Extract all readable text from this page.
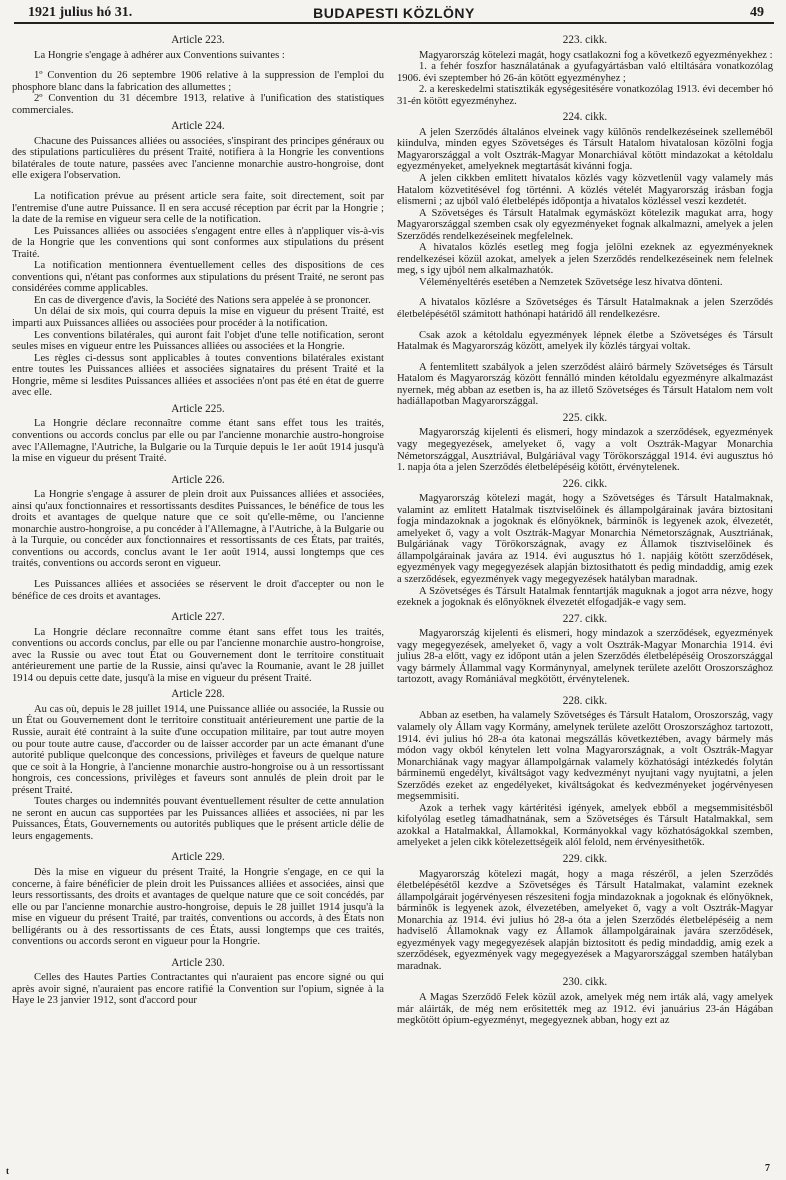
1921 julius hó 31.	BUDAPESTI KÖZLÖNY	49
Article 223.

La Hongrie s'engage à adhérer aux Conventions suivantes :

1º Convention du 26 septembre 1906 relative à la suppression de l'emploi du phosphore blanc dans la fabrication des allumettes ;

2º Convention du 31 décembre 1913, relative à l'unification des statistiques commerciales.

Article 224.

Chacune des Puissances alliées ou associées, s'inspirant des principes généraux ou des stipulations particulières du présent Traité, notifiera à la Hongrie les conventions bilatérales de toute nature, passées avec l'ancienne monarchie austro-hongroise, dont elle exigera l'observation.

La notification prévue au présent article sera faite, soit directement, soit par l'entremise d'une autre Puissance. Il en sera accusé réception par écrit par la Hongrie ; la date de la remise en vigueur sera celle de la notification.

Les Puissances alliées ou associées s'engagent entre elles à n'appliquer vis-à-vis de la Hongrie que les conventions qui sont conformes aux stipulations du présent Traité.

La notification mentionnera éventuellement celles des dispositions de ces conventions qui, n'étant pas conformes aux stipulations du présent Traité, ne seront pas considérées comme applicables.

En cas de divergence d'avis, la Société des Nations sera appelée à se prononcer.

Un délai de six mois, qui courra depuis la mise en vigueur du présent Traité, est imparti aux Puissances alliées ou associées pour procéder à la notification.

Les conventions bilatérales, qui auront fait l'objet d'une telle notification, seront seules mises en vigueur entre les Puissances alliées ou associées et la Hongrie.

Les règles ci-dessus sont applicables à toutes conventions bilatérales existant entre toutes les Puissances alliées et associées signataires du présent Traité et la Hongrie, même si lesdites Puissances alliées et associées n'ont pas été en état de guerre avec elle.

Article 225.

La Hongrie déclare reconnaître comme étant sans effet tous les traités, conventions ou accords conclus par elle ou par l'ancienne monarchie austro-hongroise avec l'Allemagne, l'Autriche, la Bulgarie ou la Turquie depuis le 1er août 1914 jusqu'à la mise en vigueur du présent Traité.

Article 226.

La Hongrie s'engage à assurer de plein droit aux Puissances alliées et associées, ainsi qu'aux fonctionnaires et ressortissants desdites Puissances, le bénéfice de tous les droits et avantages de quelque nature que ce soit qu'elle-même, ou l'ancienne monarchie austro-hongroise, a pu concéder à l'Allemagne, à l'Autriche, à la Bulgarie ou à la Turquie, ou concéder aux fonctionnaires et ressortissants de ces États, par traités, conventions ou accords, conclus avant le 1er août 1914, aussi longtemps que ces traités, conventions ou accords seront en vigueur.

Les Puissances alliées et associées se réservent le droit d'accepter ou non le bénéfice de ces droits et avantages.

Article 227.

La Hongrie déclare reconnaître comme étant sans effet tous les traités, conventions ou accords conclus, par elle ou par l'ancienne monarchie austro-hongroise, avec la Russie ou avec tout État ou Gouvernement dont le territoire constituait antérieurement une partie de la Russie, ainsi qu'avec la Roumanie, avant le 28 juillet 1914 ou depuis cette date, jusqu'à la mise en vigueur du présent Traité.

Article 228.

Au cas où, depuis le 28 juillet 1914, une Puissance alliée ou associée, la Russie ou un État ou Gouvernement dont le territoire constituait antérieurement une partie de la Russie, aurait été contraint à la suite d'une occupation militaire, par tout autre moyen ou pour toute autre cause, d'accorder ou de laisser accorder par un acte émanant d'une autorité publique quelconque des concessions, privilèges et faveurs de quelque nature que ce soit à la Hongrie, à l'ancienne monarchie austro-hongroise ou à un ressortissant hongrois, ces concessions, privilèges et faveurs sont annulés de plein droit par le présent Traité.

Toutes charges ou indemnités pouvant éventuellement résulter de cette annulation ne seront en aucun cas supportées par les Puissances alliées et associées, ni par les Puissances, États, Gouvernements ou autorités publiques que le présent article délie de leurs engagements.

Article 229.

Dès la mise en vigueur du présent Traité, la Hongrie s'engage, en ce qui la concerne, à faire bénéficier de plein droit les Puissances alliées et associées, ainsi que leurs ressortissants, des droits et avantages de quelque nature que ce soit concédés, par elle ou par l'ancienne monarchie austro-hongroise, depuis le 28 juillet 1914 jusqu'à la mise en vigueur du présent Traité, par traités, conventions ou accords, à des États non belligérants ou à des ressortissants de ces États, aussi longtemps que ces traités, conventions ou accords seront en vigueur pour la Hongrie.

Article 230.

Celles des Hautes Parties Contractantes qui n'auraient pas encore signé ou qui après avoir signé, n'auraient pas encore ratifié la Convention sur l'opium, signée à la Haye le 23 janvier 1912, sont d'accord pour

223. cikk.

Magyarország kötelezi magát, hogy csatlakozni fog a következő egyezményekhez :

1. a fehér foszfor használatának a gyufagyártásban való eltiltására vonatkozólag 1906. évi szeptember hó 26-án kötött egyezményhez ;

2. a kereskedelmi statisztikák egységesitésére vonatkozólag 1913. évi december hó 31-én kötött egyezményhez.

224. cikk.

A jelen Szerződés általános elveinek vagy különös rendelkezéseinek szelleméből kiindulva, minden egyes Szövetséges és Társult Hatalom hivatalosan közölni fogja Magyarországgal a volt Osztrák-Magyar Monarchiával kötött mindazokat a kétoldalu egyezményeket, amelyeknek megtartását kivánni fogja.

A jelen cikkben emlitett hivatalos közlés vagy közvetlenül vagy valamely más Hatalom közvetitésével fog történni. A közlés vételét Magyarország irásban fogja elismerni ; az ujból való életbelépés időpontja a hivatalos közléssel veszi kezdetét.

A Szövetséges és Társult Hatalmak egymásközt kötelezik magukat arra, hogy Magyarországgal szemben csak oly egyezményeket fognak alkalmazni, amelyek a jelen Szerződés rendelkezéseinek megfelelnek.

A hivatalos közlés esetleg meg fogja jelölni ezeknek az egyezményeknek rendelkezései közül azokat, amelyek a jelen Szerződés rendelkezéseinek nem felelnek meg, s igy ujból nem alkalmazhatók.

Véleményeltérés esetében a Nemzetek Szövetsége lesz hivatva dönteni.

A hivatalos közlésre a Szövetséges és Társult Hatalmaknak a jelen Szerződés életbelépésétől számitott hathónapi határidő áll rendelkezésre.

Csak azok a kétoldalu egyezmények lépnek életbe a Szövetséges és Társult Hatalmak és Magyarország között, amelyek ily közlés tárgyai voltak.

A fentemlitett szabályok a jelen szerződést aláiró bármely Szövetséges és Társult Hatalom és Magyarország között fennálló minden kétoldalu egyezményre alkalmazást nyernek, még abban az esetben is, ha az illető Szövetséges és Társult Hatalom nem volt hadiállapotban Magyarországgal.

225. cikk.

Magyarország kijelenti és elismeri, hogy mindazok a szerződések, egyezmények vagy megegyezések, amelyeket ő, vagy a volt Osztrák-Magyar Monarchia Németországgal, Ausztriával, Bulgáriával vagy Törökországgal 1914. évi augusztus hó 1. napja óta a jelen Szerződés életbelépéséig kötött, érvénytelenek.

226. cikk.

Magyarország kötelezi magát, hogy a Szövetséges és Társult Hatalmaknak, valamint az emlitett Hatalmak tisztviselőinek és állampolgárainak javára biztositani fogja mindazoknak a jogoknak és előnyöknek, bárminők is legyenek azok, élvezetét, amelyeket ő, vagy a volt Osztrák-Magyar Monarchia Németországnak, Ausztriának, Bulgáriának vagy Törökországnak, avagy ez Államok tisztviselőinek és állampolgárainak javára az 1914. évi augusztus hó 1. napjáig kötött szerződések, egyezmények vagy megegyezések alapján biztosithatott és pedig mindaddig, amig ezek a szerződések, egyezmények vagy megegyezések hatályban maradnak.

A Szövetséges és Társult Hatalmak fenntartják maguknak a jogot arra nézve, hogy ezeknek a jogoknak és előnyöknek élvezetét elfogadják-e vagy sem.

227. cikk.

Magyarország kijelenti és elismeri, hogy mindazok a szerződések, egyezmények vagy megegyezések, amelyeket ő, vagy a volt Osztrák-Magyar Monarchia 1914. évi julius 28-a előtt, vagy ez időpont után a jelen Szerződés életbelépéséig Oroszországgal vagy bármely Állammal vagy Kormánynyal, amelynek területe azelőtt Oroszországhoz tartozott, avagy Romániával megkötött, érvénytelenek.

228. cikk.

Abban az esetben, ha valamely Szövetséges és Társult Hatalom, Oroszország, vagy valamely oly Állam vagy Kormány, amelynek területe azelőtt Oroszországhoz tartozott, 1914. évi julius hó 28-a óta katonai megszállás következtében, avagy bármely más módon vagy okból kénytelen lett volna Magyarországnak, a volt Osztrák-Magyar Monarchiának vagy magyar állampolgárnak valamely közhatósági intézkedés folytán bárminemü engedélyt, kiváltságot vagy kedvezményt nyujtani vagy nyujtatni, a jelen Szerződés ezeket az engedélyeket, kiváltságokat és kedvezményeket jogérvényesen megsemmisiti.

Azok a terhek vagy kártéritési igények, amelyek ebből a megsemmisitésből kifolyólag esetleg támadhatnának, sem a Szövetséges és Társult Hatalmakkal, sem azokkal a Hatalmakkal, Államokkal, Kormányokkal vagy közhatóságokkal szemben, amelyeket a jelen cikk kötelezettségeik alól felold, nem érvényesithetők.

229. cikk.

Magyarország kötelezi magát, hogy a maga részéről, a jelen Szerződés életbelépésétől kezdve a Szövetséges és Társult Hatalmakat, valamint ezeknek állampolgárait jogérvényesen részesiteni fogja mindazoknak a jogoknak és előnyöknek, bárminők is legyenek azok, élvezetében, amelyeket ő, vagy a volt Osztrák-Magyar Monarchia az 1914. évi julius hó 28-a óta a jelen Szerződés életbelépéséig a nem hadviselő Államoknak vagy ez Államok állampolgárainak javára szerződések, egyezmények vagy megegyezések alapján biztositott és pedig mindaddig, amig ezek a szerződések, egyezmények vagy megegyezések a Magyarországgal szemben hatályban maradnak.

230. cikk.

A Magas Szerződő Felek közül azok, amelyek még nem irták alá, vagy amelyek már aláirták, de még nem erősitették meg az 1912. évi januárius 23-án Hágában megkötött ópium-egyezményt, megegyeznek abban, hogy ezt az

7
t
